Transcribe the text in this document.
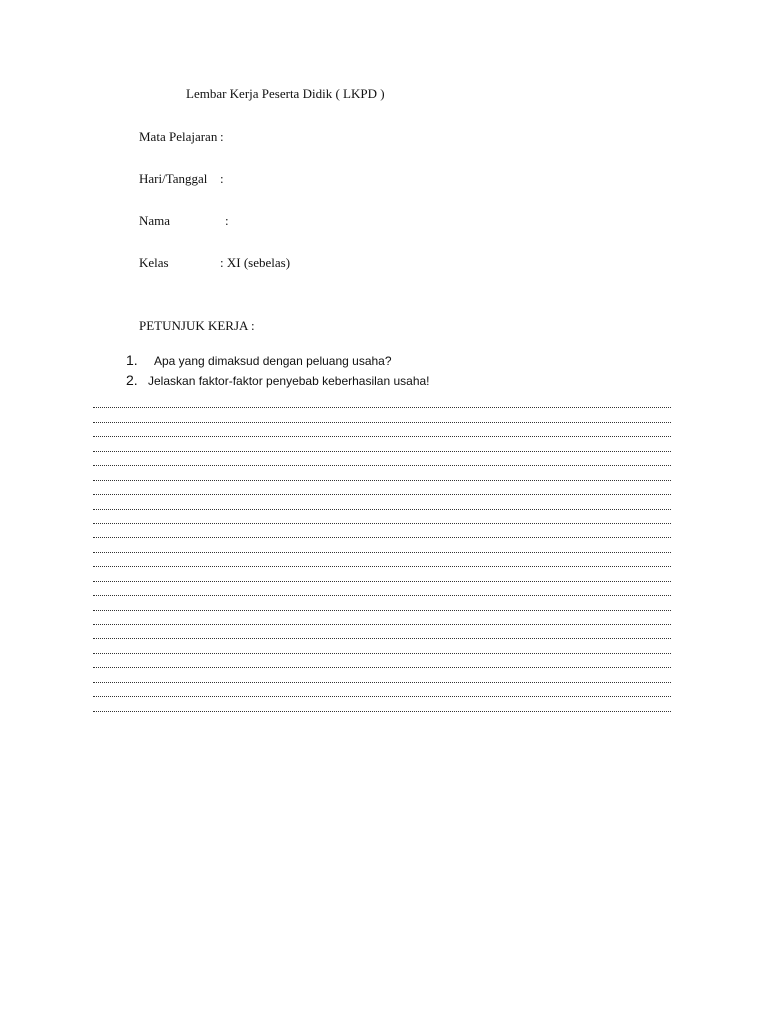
Lembar Kerja Peserta Didik ( LKPD )
Mata Pelajaran :
Hari/Tanggal :
Nama	:
Kelas	: XI (sebelas)
PETUNJUK KERJA :
1. Apa yang dimaksud dengan peluang usaha?
2. Jelaskan faktor-faktor penyebab keberhasilan usaha!
